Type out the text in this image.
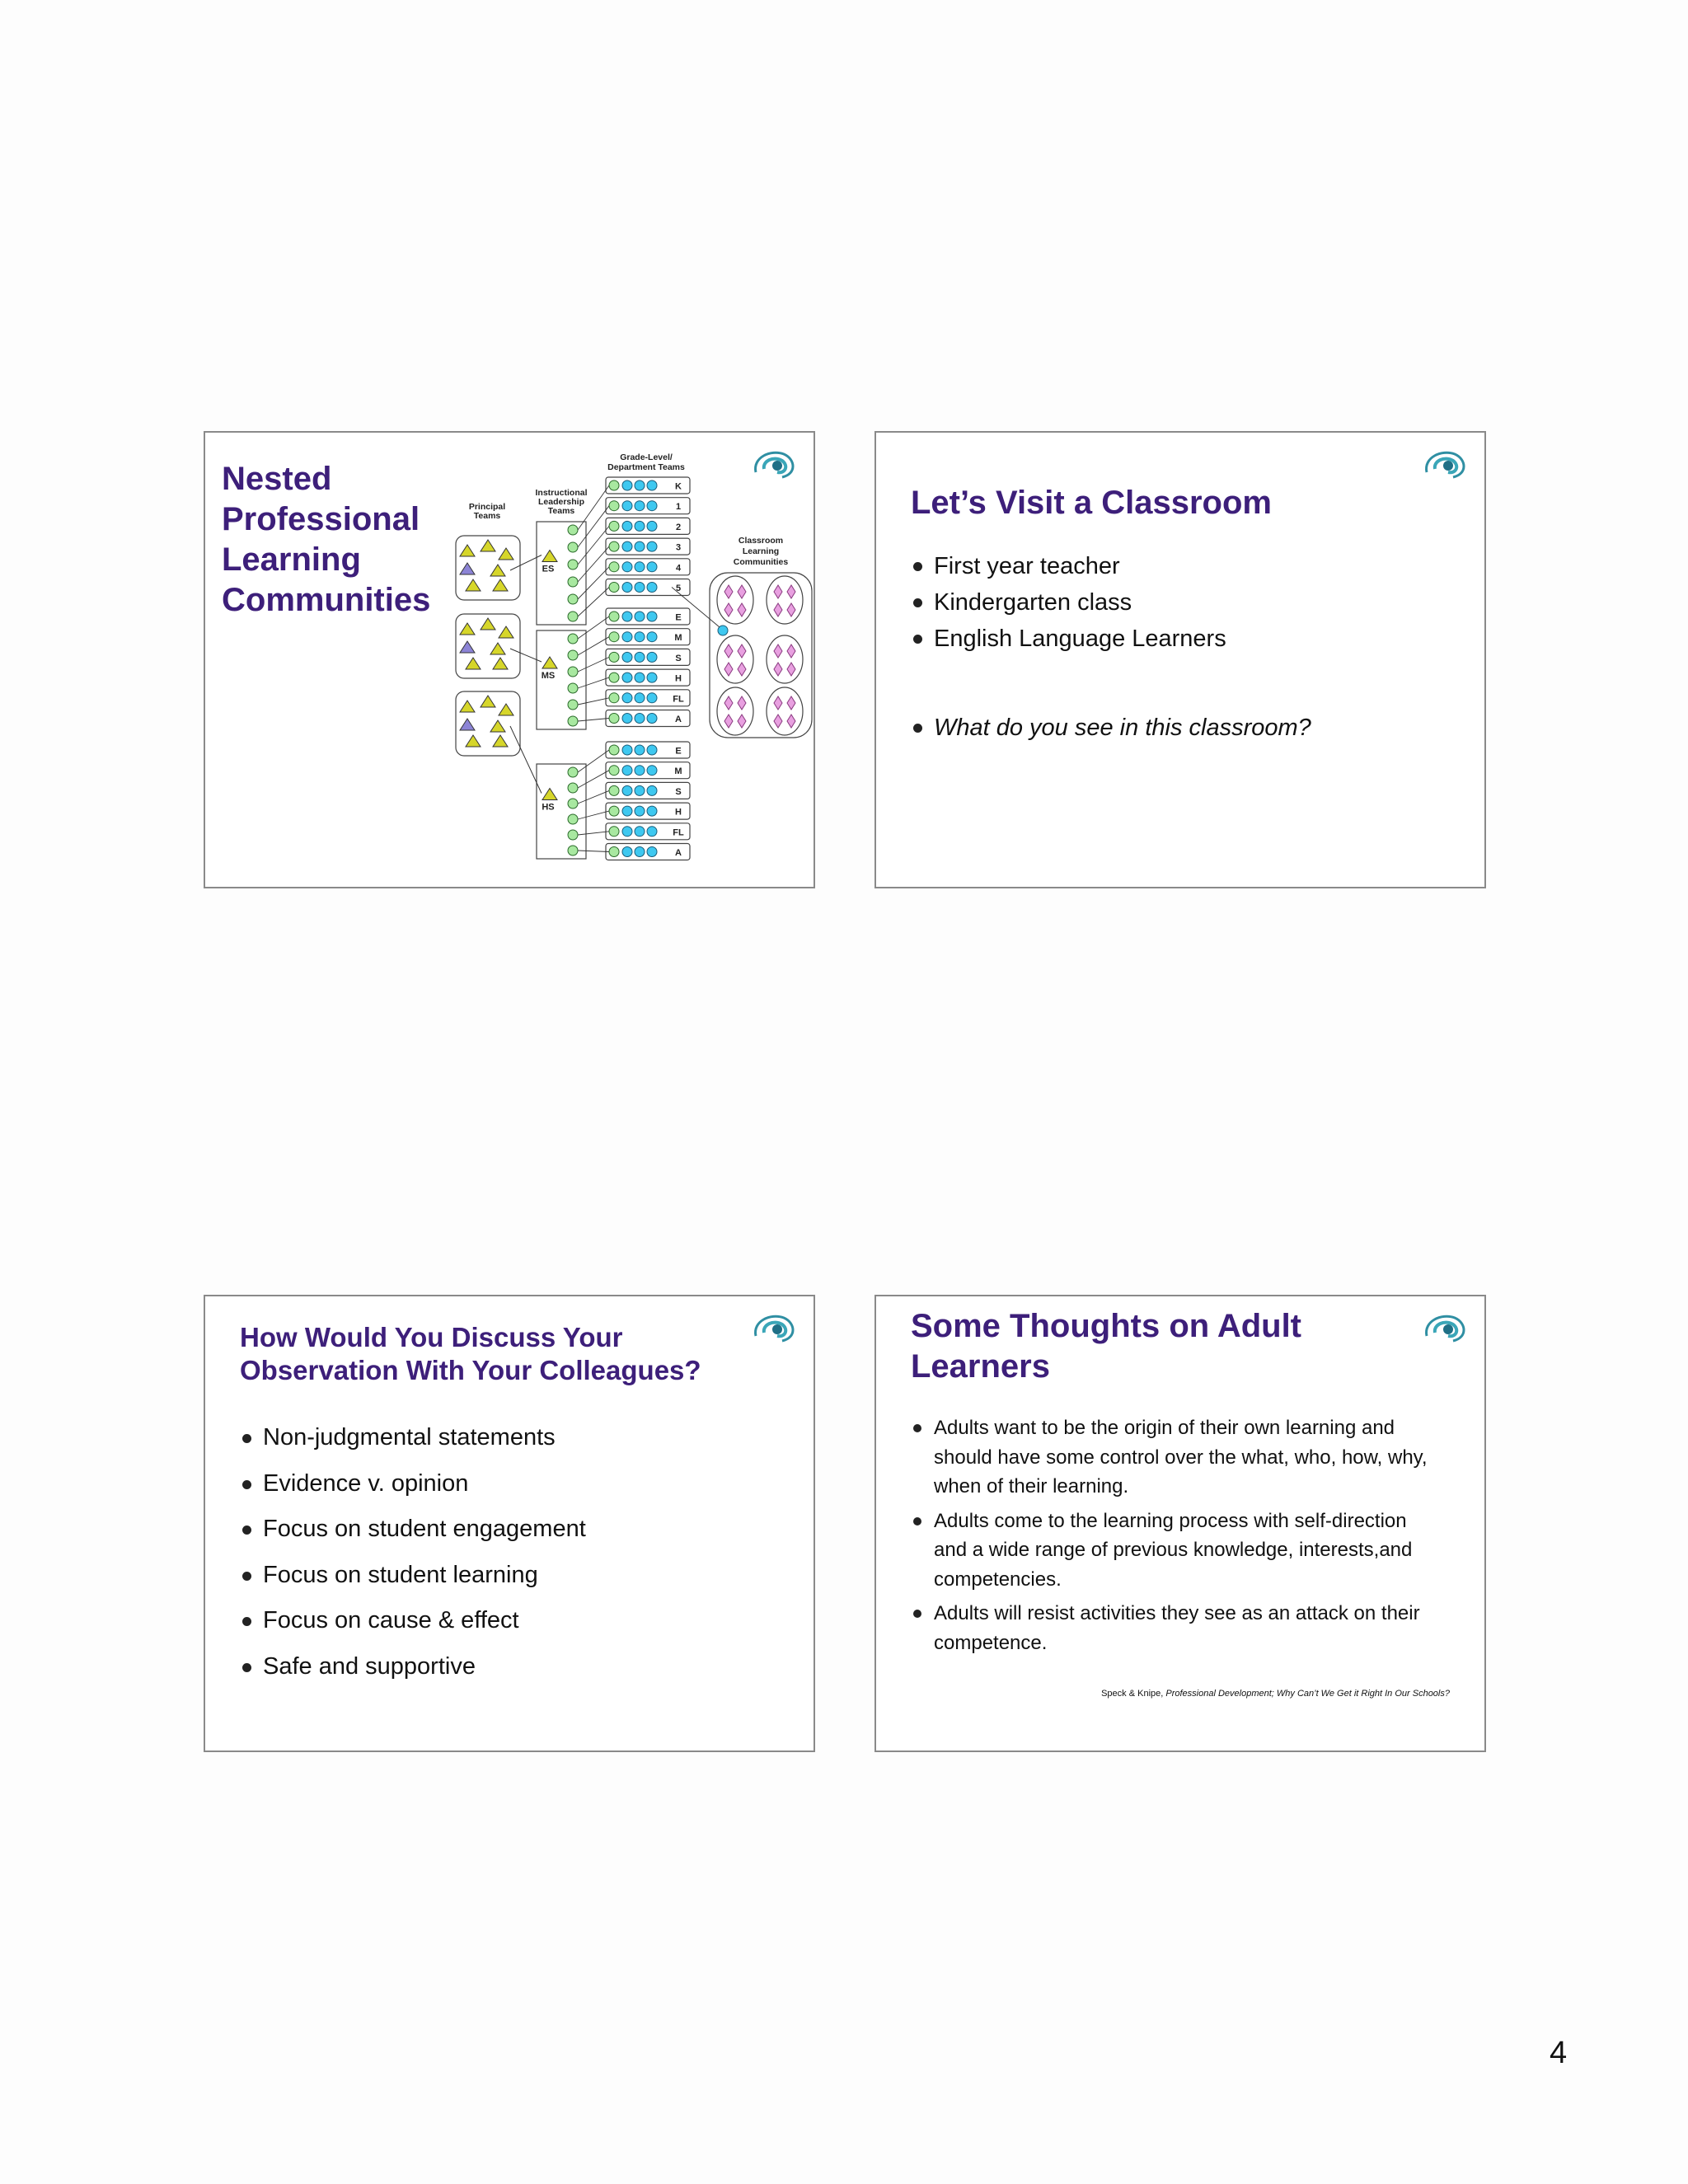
Nested
Professional
Learning
Communities
Grade-Level/
Department Teams
Instructional
Leadership
Teams
Principal
Teams
Classroom
Learning
Communities
ES
K
1
2
3
4
5
MS
E
M
S
H
FL
A
HS
E
M
S
H
FL
A
Let’s Visit a Classroom
First year teacher
Kindergarten class
English Language Learners
What do you see in this classroom?
How Would You Discuss Your
Observation With Your Colleagues?
Non-judgmental statements
Evidence v. opinion
Focus on student engagement
Focus on student learning
Focus on cause & effect
Safe and supportive
Some Thoughts on Adult
Learners
Adults want to be the origin of their own learning and should have some control over the what, who, how, why, when of their learning.
Adults come to the learning process with self-direction and a wide range of previous knowledge, interests,and competencies.
Adults will resist activities they see as an attack on their competence.
Speck & Knipe, Professional Development; Why Can’t We Get it Right In Our Schools?
4
